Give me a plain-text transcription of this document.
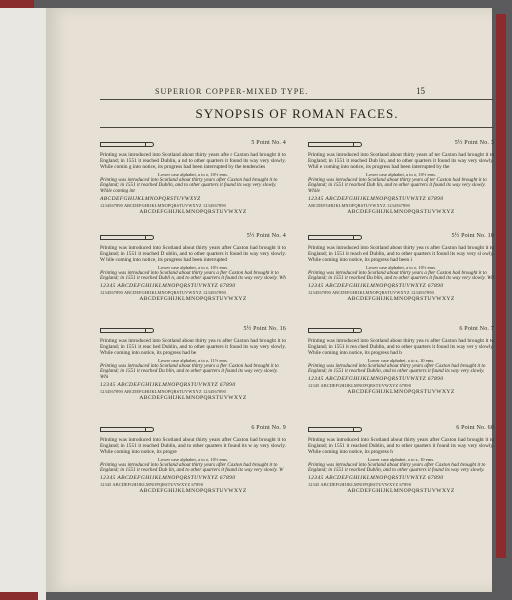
SUPERIOR COPPER-MIXED TYPE.	15
SYNOPSIS OF ROMAN FACES.
5 Point No. 4

Printing was introduced into Scotland about thirty years afte r Caxton had brought it to England; in 1551 it reached Dublin, a nd to other quarters it found its way very slowly. While comin g into notice, its progress had been interrupted by the tendencies

Lower case alphabet, a to z, 10½ ems.

Printing was introduced into Scotland about thirty years after Caxton had brought it to England; in 1551 it reached Dublin, and to other quarters it found its way very slowly. While coming int

ABCDEFGHIJKLMNOPQRSTUVWXYZ

1234567890 ABCDEFGHIJKLMNOPQRSTUVWXYZ 1234567890

ABCDEFGHIJKLMNOPQRSTUVWXYZ

5½ Point No. 3

Printing was introduced into Scotland about thirty years af ter Caxton had brought it to England; in 1551 it reached Dub lin, and to other quarters it found its way very slowly. Whil e coming into notice, its progress had been interrupted by the

Lower case alphabet, a to z, 10½ ems.

Printing was introduced into Scotland about thirty years af ter Caxton had brought it to England; in 1551 it reached Dub lin, and to other quarters it found its way very slowly. While

12345 ABCDEFGHIJKLMNOPQRSTUVWXYZ 67890

ABCDEFGHIJKLMNOPQRSTUVWXYZ 1234567890

ABCDEFGHIJKLMNOPQRSTUVWXYZ

5½ Point No. 4

Printing was introduced into Scotland about thirty years after Caxton had brought it to England; in 1551 it reached D ublin, and to other quarters it found its way very slowly. W hile coming into notice, its progress had been interrupted

Lower case alphabet, a to z, 10½ ems.

Printing was introduced into Scotland about thirty years a fter Caxton had brought it to England; in 1551 it reached Dubli n, and to other quarters it found its way very slowly. Wh

12345 ABCDEFGHIJKLMNOPQRSTUVWXYZ 67890

1234567890 ABCDEFGHIJKLMNOPQRSTUVWXYZ 1234567890

ABCDEFGHIJKLMNOPQRSTUVWXYZ

5½ Point No. 10

Printing was introduced into Scotland about thirty yea rs after Caxton had brought it to England; in 1551 it reach ed Dublin, and to other quarters it found its way very sl owly. While coming into notice, its progress had been i

Lower case alphabet, a to z, 10½ ems.

Printing was introduced into Scotland about thirty years a fter Caxton had brought it to England; in 1551 it reached Du blin, and to other quarters it found its way very slowly. Wh

12345 ABCDEFGHIJKLMNOPQRSTUVWXYZ 67890

1234567890 ABCDEFGHIJKLMNOPQRSTUVWXYZ 1234567890

ABCDEFGHIJKLMNOPQRSTUVWXYZ

5½ Point No. 16

Printing was introduced into Scotland about thirty yea rs after Caxton had brought it to England; in 1551 it reac hed Dublin, and to other quarters it found its way very slowly. While coming into notice, its progress had be

Lower case alphabet, a to z, 11½ ems.

Printing was introduced into Scotland about thirty years a fter Caxton had brought it to England; in 1551 it reached Du blin, and to other quarters it found its way very slowly. Whi

12345 ABCDEFGHIJKLMNOPQRSTUVWXYZ 67890

1234567890 ABCDEFGHIJKLMNOPQRSTUVWXYZ 1234567890

ABCDEFGHIJKLMNOPQRSTUVWXYZ

6 Point No. 7

Printing was introduced into Scotland about thirty yea rs after Caxton had brought it to England; in 1551 it rea ched Dublin, and to other quarters it found its way ver y slowly. While coming into notice, its progress had b

Lower case alphabet, a to z, 10 ems.

Printing was introduced into Scotland about thirty years after Caxton had brought it to England; in 1551 it reached Dublin, and to other quarters it found its way very slowly.

12345 ABCDEFGHIJKLMNOPQRSTUVWXYZ 67890

12345 ABCDEFGHIJKLMNOPQRSTUVWXYZ 67890

ABCDEFGHIJKLMNOPQRSTUVWXYZ

6 Point No. 9

Printing was introduced into Scotland about thirty years after Caxton had brought it to England; in 1551 it reached Dublin, and to other quarters it found its w ay very slowly. While coming into notice, its progre

Lower case alphabet, a to z, 10½ ems.

Printing was introduced into Scotland about thirty years after Caxton had brought it to England; in 1551 it reached Dub lin, and to other quarters it found its way very slowly. W

12345 ABCDEFGHIJKLMNOPQRSTUVWXYZ 67890

12345 ABCDEFGHIJKLMNOPQRSTUVWXYZ 67890

ABCDEFGHIJKLMNOPQRSTUVWXYZ

6 Point No. 60

Printing was introduced into Scotland about thirty years after Caxton had brought it to England; in 1551 it reached Dublin, and to other quarters it found its way very slowly. While coming into notice, its progress h

Lower case alphabet, a to z, 10 ems.

Printing was introduced into Scotland about thirty years after Caxton had brought it to England; in 1551 it reached Dublin, and to other quarters it found its way very slowly.

12345 ABCDEFGHIJKLMNOPQRSTUVWXYZ 67890

12345 ABCDEFGHIJKLMNOPQRSTUVWXYZ 67890

ABCDEFGHIJKLMNOPQRSTUVWXYZ
